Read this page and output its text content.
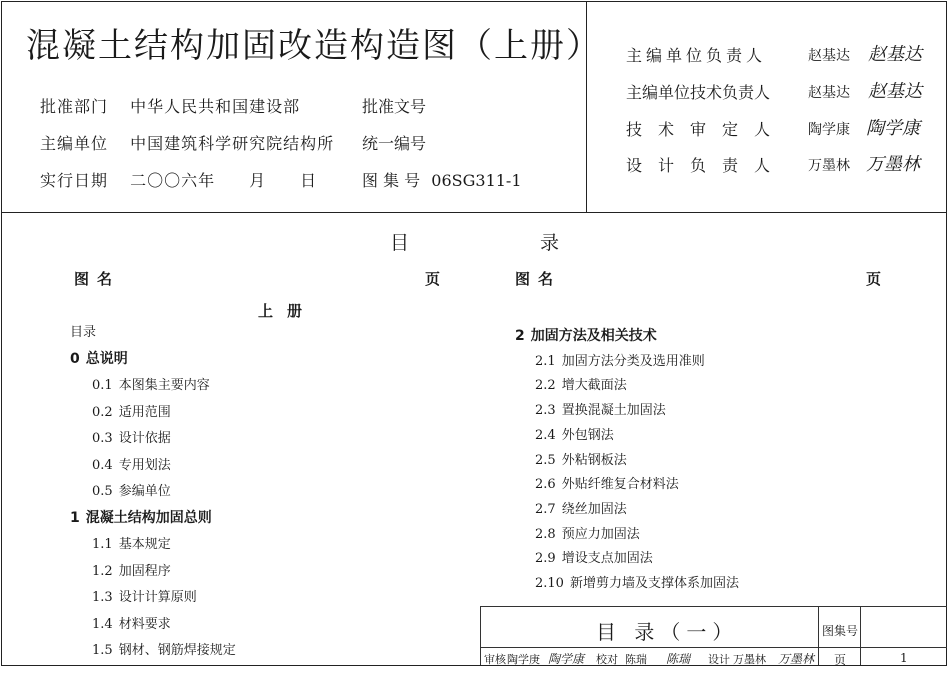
混凝土结构加固改造构造图（上册）
批准部门 中华人民共和国建设部
主编单位 中国建筑科学研究院结构所
实行日期 二〇〇六年　　月　　日
批准文号
统一编号
图 集 号 06SG311-1
主编单位负责人	赵基达 赵基达
主编单位技术负责人	赵基达 赵基达
技　术　审　定　人	陶学康 陶学康
设　计　负　责　人	万墨林 万墨林
目	录
图名	页	图名	页
上册
目录
0 总说明
0.1 本图集主要内容
0.2 适用范围
0.3 设计依据
0.4 专用划法
0.5 参编单位
1 混凝土结构加固总则
1.1 基本规定
1.2 加固程序
1.3 设计计算原则
1.4 材料要求
1.5 钢材、钢筋焊接规定
2 加固方法及相关技术
2.1 加固方法分类及选用准则
2.2 增大截面法
2.3 置换混凝土加固法
2.4 外包钢法
2.5 外粘钢板法
2.6 外贴纤维复合材料法
2.7 绕丝加固法
2.8 预应力加固法
2.9 增设支点加固法
2.10 新增剪力墙及支撑体系加固法
目 录（一）	图集号
页	1
审核 陶学庚 陶学康 校对 陈瑞 陈瑞 设计 万墨林 万墨林
